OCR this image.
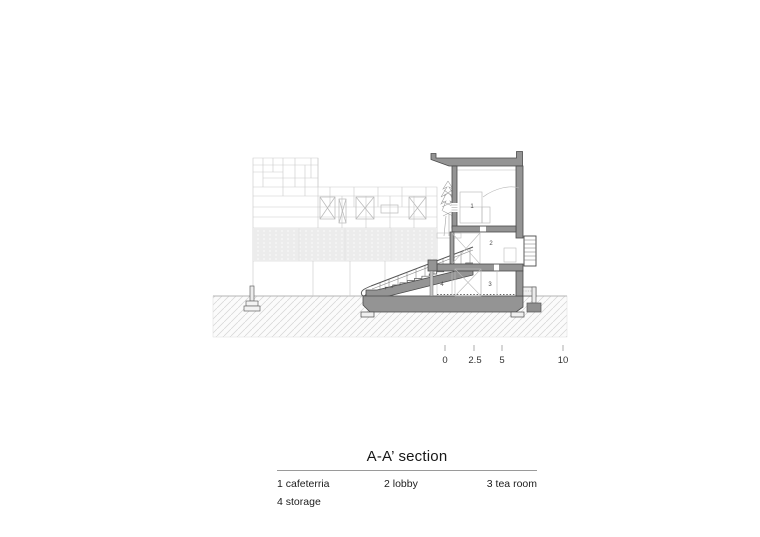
1
2
3
4
0 2.5 5	10
A-A’ section
1 cafeterria	2 lobby	3 tea room
4 storage
